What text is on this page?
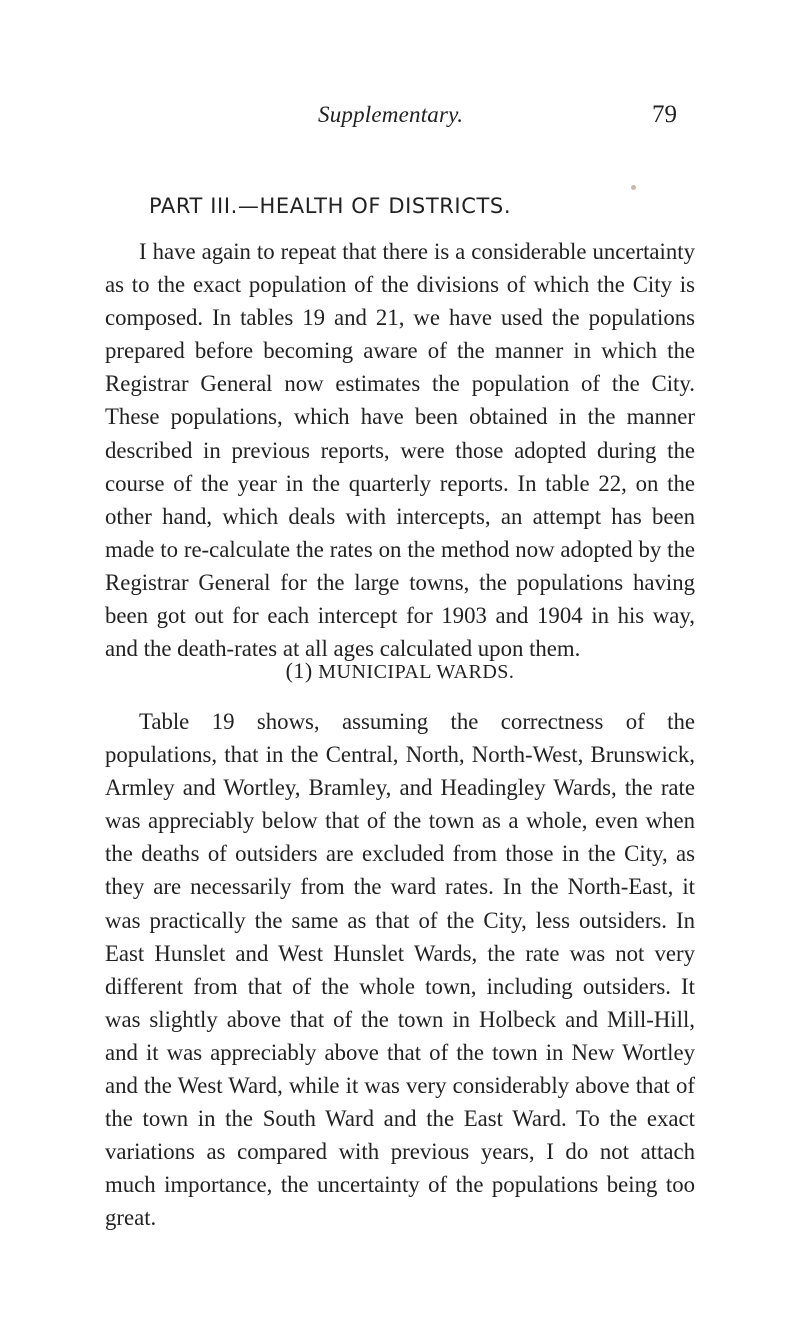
Supplementary.	79
PART III.—HEALTH OF DISTRICTS.

I have again to repeat that there is a considerable uncertainty as to the exact population of the divisions of which the City is composed. In tables 19 and 21, we have used the populations prepared before becoming aware of the manner in which the Registrar General now estimates the population of the City. These populations, which have been obtained in the manner described in previous reports, were those adopted during the course of the year in the quarterly reports. In table 22, on the other hand, which deals with intercepts, an attempt has been made to re-calculate the rates on the method now adopted by the Registrar General for the large towns, the populations having been got out for each intercept for 1903 and 1904 in his way, and the death-rates at all ages calculated upon them.

(1) MUNICIPAL WARDS.

Table 19 shows, assuming the correctness of the populations, that in the Central, North, North-West, Brunswick, Armley and Wortley, Bramley, and Headingley Wards, the rate was appreciably below that of the town as a whole, even when the deaths of outsiders are excluded from those in the City, as they are necessarily from the ward rates. In the North-East, it was practically the same as that of the City, less outsiders. In East Hunslet and West Hunslet Wards, the rate was not very different from that of the whole town, including outsiders. It was slightly above that of the town in Holbeck and Mill-Hill, and it was appreciably above that of the town in New Wortley and the West Ward, while it was very considerably above that of the town in the South Ward and the East Ward. To the exact variations as compared with previous years, I do not attach much importance, the uncertainty of the populations being too great.
